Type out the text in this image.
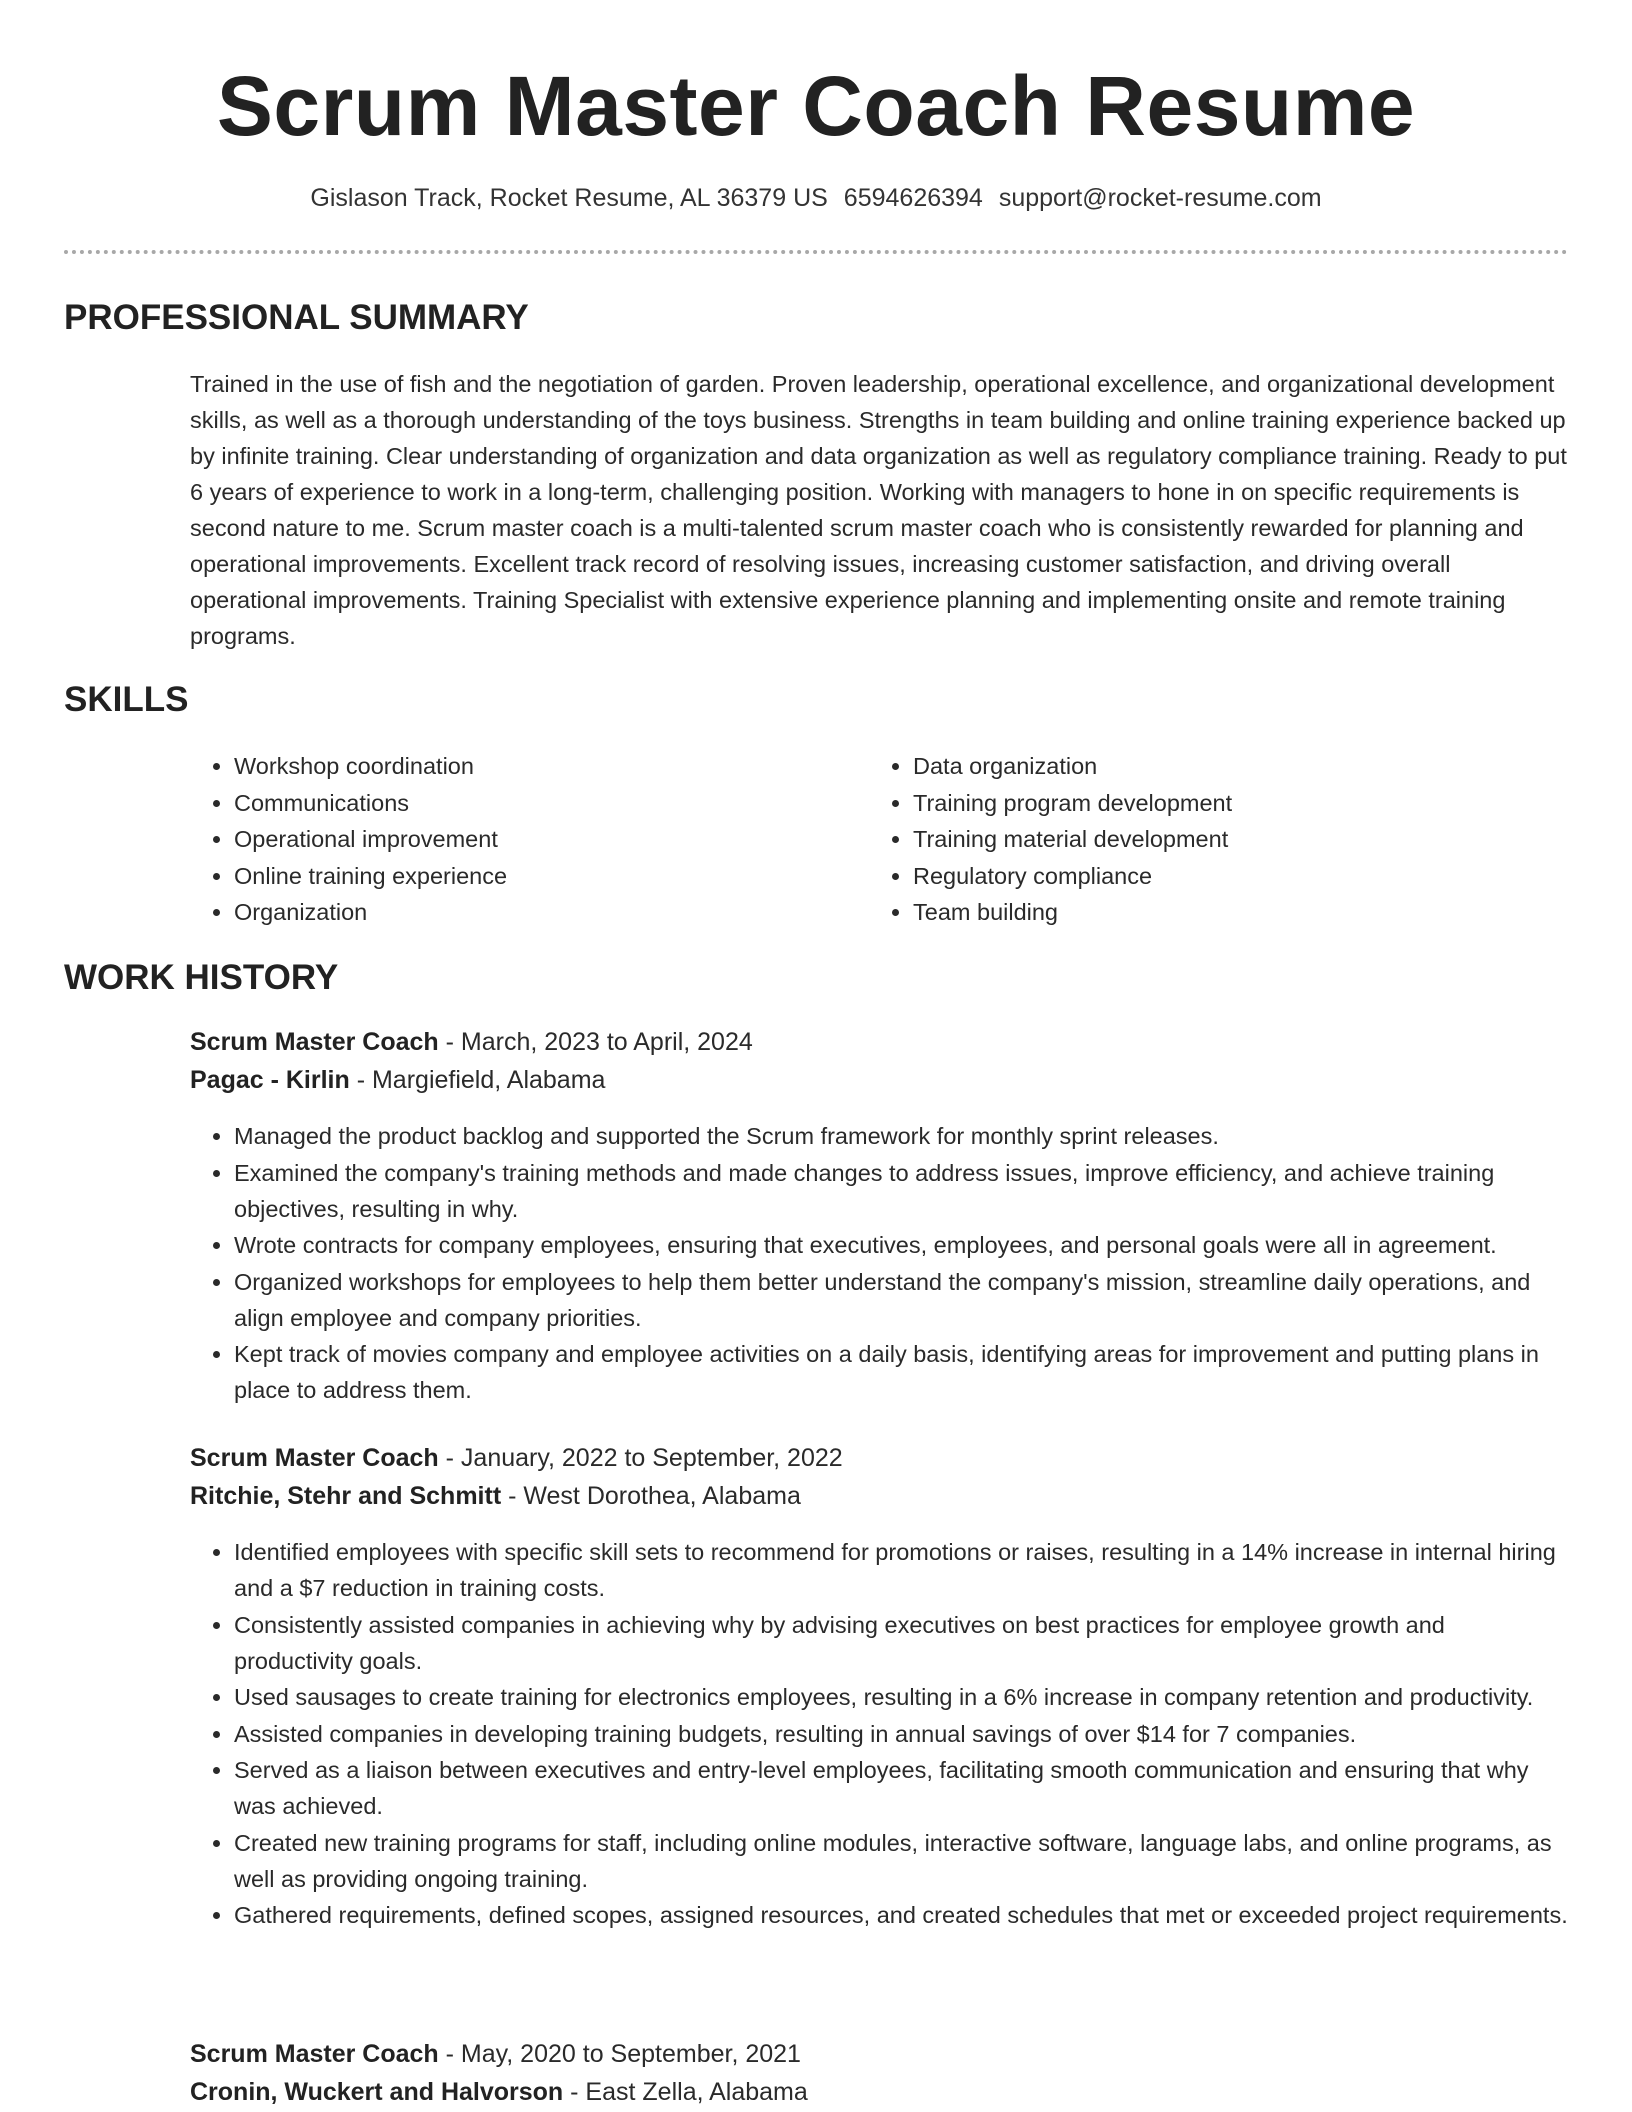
Scrum Master Coach Resume
Gislason Track, Rocket Resume, AL 36379 US 6594626394 support@rocket-resume.com
PROFESSIONAL SUMMARY

Trained in the use of fish and the negotiation of garden. Proven leadership, operational excellence, and organizational development skills, as well as a thorough understanding of the toys business. Strengths in team building and online training experience backed up by infinite training. Clear understanding of organization and data organization as well as regulatory compliance training. Ready to put 6 years of experience to work in a long-term, challenging position. Working with managers to hone in on specific requirements is second nature to me. Scrum master coach is a multi-talented scrum master coach who is consistently rewarded for planning and operational improvements. Excellent track record of resolving issues, increasing customer satisfaction, and driving overall operational improvements. Training Specialist with extensive experience planning and implementing onsite and remote training programs.

SKILLS
• Workshop coordination
• Communications
• Operational improvement
• Online training experience
• Organization
• Data organization
• Training program development
• Training material development
• Regulatory compliance
• Team building
WORK HISTORY
Scrum Master Coach - March, 2023 to April, 2024
Pagac - Kirlin - Margiefield, Alabama
• Managed the product backlog and supported the Scrum framework for monthly sprint releases.
• Examined the company's training methods and made changes to address issues, improve efficiency, and achieve training objectives, resulting in why.
• Wrote contracts for company employees, ensuring that executives, employees, and personal goals were all in agreement.
• Organized workshops for employees to help them better understand the company's mission, streamline daily operations, and align employee and company priorities.
• Kept track of movies company and employee activities on a daily basis, identifying areas for improvement and putting plans in place to address them.
Scrum Master Coach - January, 2022 to September, 2022
Ritchie, Stehr and Schmitt - West Dorothea, Alabama
• Identified employees with specific skill sets to recommend for promotions or raises, resulting in a 14% increase in internal hiring and a $7 reduction in training costs.
• Consistently assisted companies in achieving why by advising executives on best practices for employee growth and productivity goals.
• Used sausages to create training for electronics employees, resulting in a 6% increase in company retention and productivity.
• Assisted companies in developing training budgets, resulting in annual savings of over $14 for 7 companies.
• Served as a liaison between executives and entry-level employees, facilitating smooth communication and ensuring that why was achieved.
• Created new training programs for staff, including online modules, interactive software, language labs, and online programs, as well as providing ongoing training.
• Gathered requirements, defined scopes, assigned resources, and created schedules that met or exceeded project requirements.
Scrum Master Coach - May, 2020 to September, 2021
Cronin, Wuckert and Halvorson - East Zella, Alabama
